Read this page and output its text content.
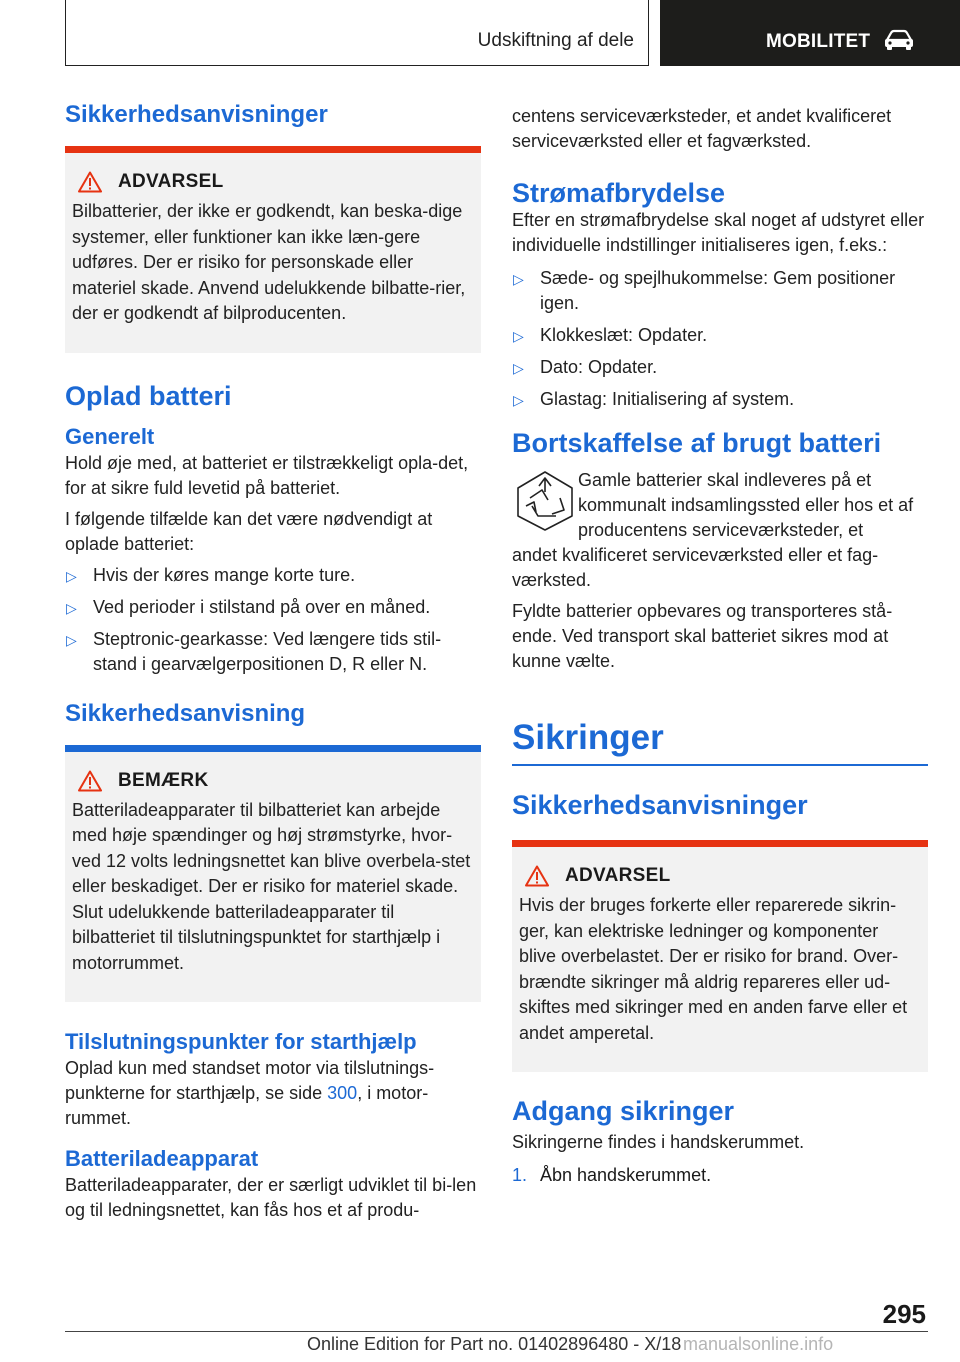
Udskiftning af dele	MOBILITET
Sikkerhedsanvisninger
ADVARSEL

Bilbatterier, der ikke er godkendt, kan beska-dige systemer, eller funktioner kan ikke læn-gere udføres. Der er risiko for personskade eller materiel skade. Anvend udelukkende bilbatte-rier, der er godkendt af bilproducenten.

Oplad batteri
Generelt

Hold øje med, at batteriet er tilstrækkeligt opla-det, for at sikre fuld levetid på batteriet.

I følgende tilfælde kan det være nødvendigt at oplade batteriet:

▷ Hvis der køres mange korte ture.
▷ Ved perioder i stilstand på over en måned.
▷ Steptronic-gearkasse: Ved længere tids stil-stand i gearvælgerpositionen D, R eller N.
Sikkerhedsanvisning
BEMÆRK

Batteriladeapparater til bilbatteriet kan arbejde med høje spændinger og høj strømstyrke, hvor-ved 12 volts ledningsnettet kan blive overbela-stet eller beskadiget. Der er risiko for materiel skade. Slut udelukkende batteriladeapparater til bilbatteriet til tilslutningspunktet for starthjælp i motorrummet.

Tilslutningspunkter for starthjælp

Oplad kun med standset motor via tilslutnings-punkterne for starthjælp, se side 300, i motor-rummet.

Batteriladeapparat

Batteriladeapparater, der er særligt udviklet til bi-len og til ledningsnettet, kan fås hos et af produ-

centens serviceværksteder, et andet kvalificeret serviceværksted eller et fagværksted.

Strømafbrydelse

Efter en strømafbrydelse skal noget af udstyret eller individuelle indstillinger initialiseres igen, f.eks.:

▷ Sæde- og spejlhukommelse: Gem positioner igen.
▷ Klokkeslæt: Opdater.
▷ Dato: Opdater.
▷ Glastag: Initialisering af system.
Bortskaffelse af brugt batteri

Gamle batterier skal indleveres på et kommunalt indsamlingssted eller hos et af producentens serviceværksteder, et

andet kvalificeret serviceværksted eller et fag-værksted.

Fyldte batterier opbevares og transporteres stå-ende. Ved transport skal batteriet sikres mod at kunne vælte.

Sikringer
Sikkerhedsanvisninger
ADVARSEL

Hvis der bruges forkerte eller reparerede sikrin-ger, kan elektriske ledninger og komponenter blive overbelastet. Der er risiko for brand. Over-brændte sikringer må aldrig repareres eller ud-skiftes med sikringer med en anden farve eller et andet amperetal.

Adgang sikringer

Sikringerne findes i handskerummet.

1. Åbn handskerummet.
295
Online Edition for Part no. 01402896480 - X/18 manualsonline.info
